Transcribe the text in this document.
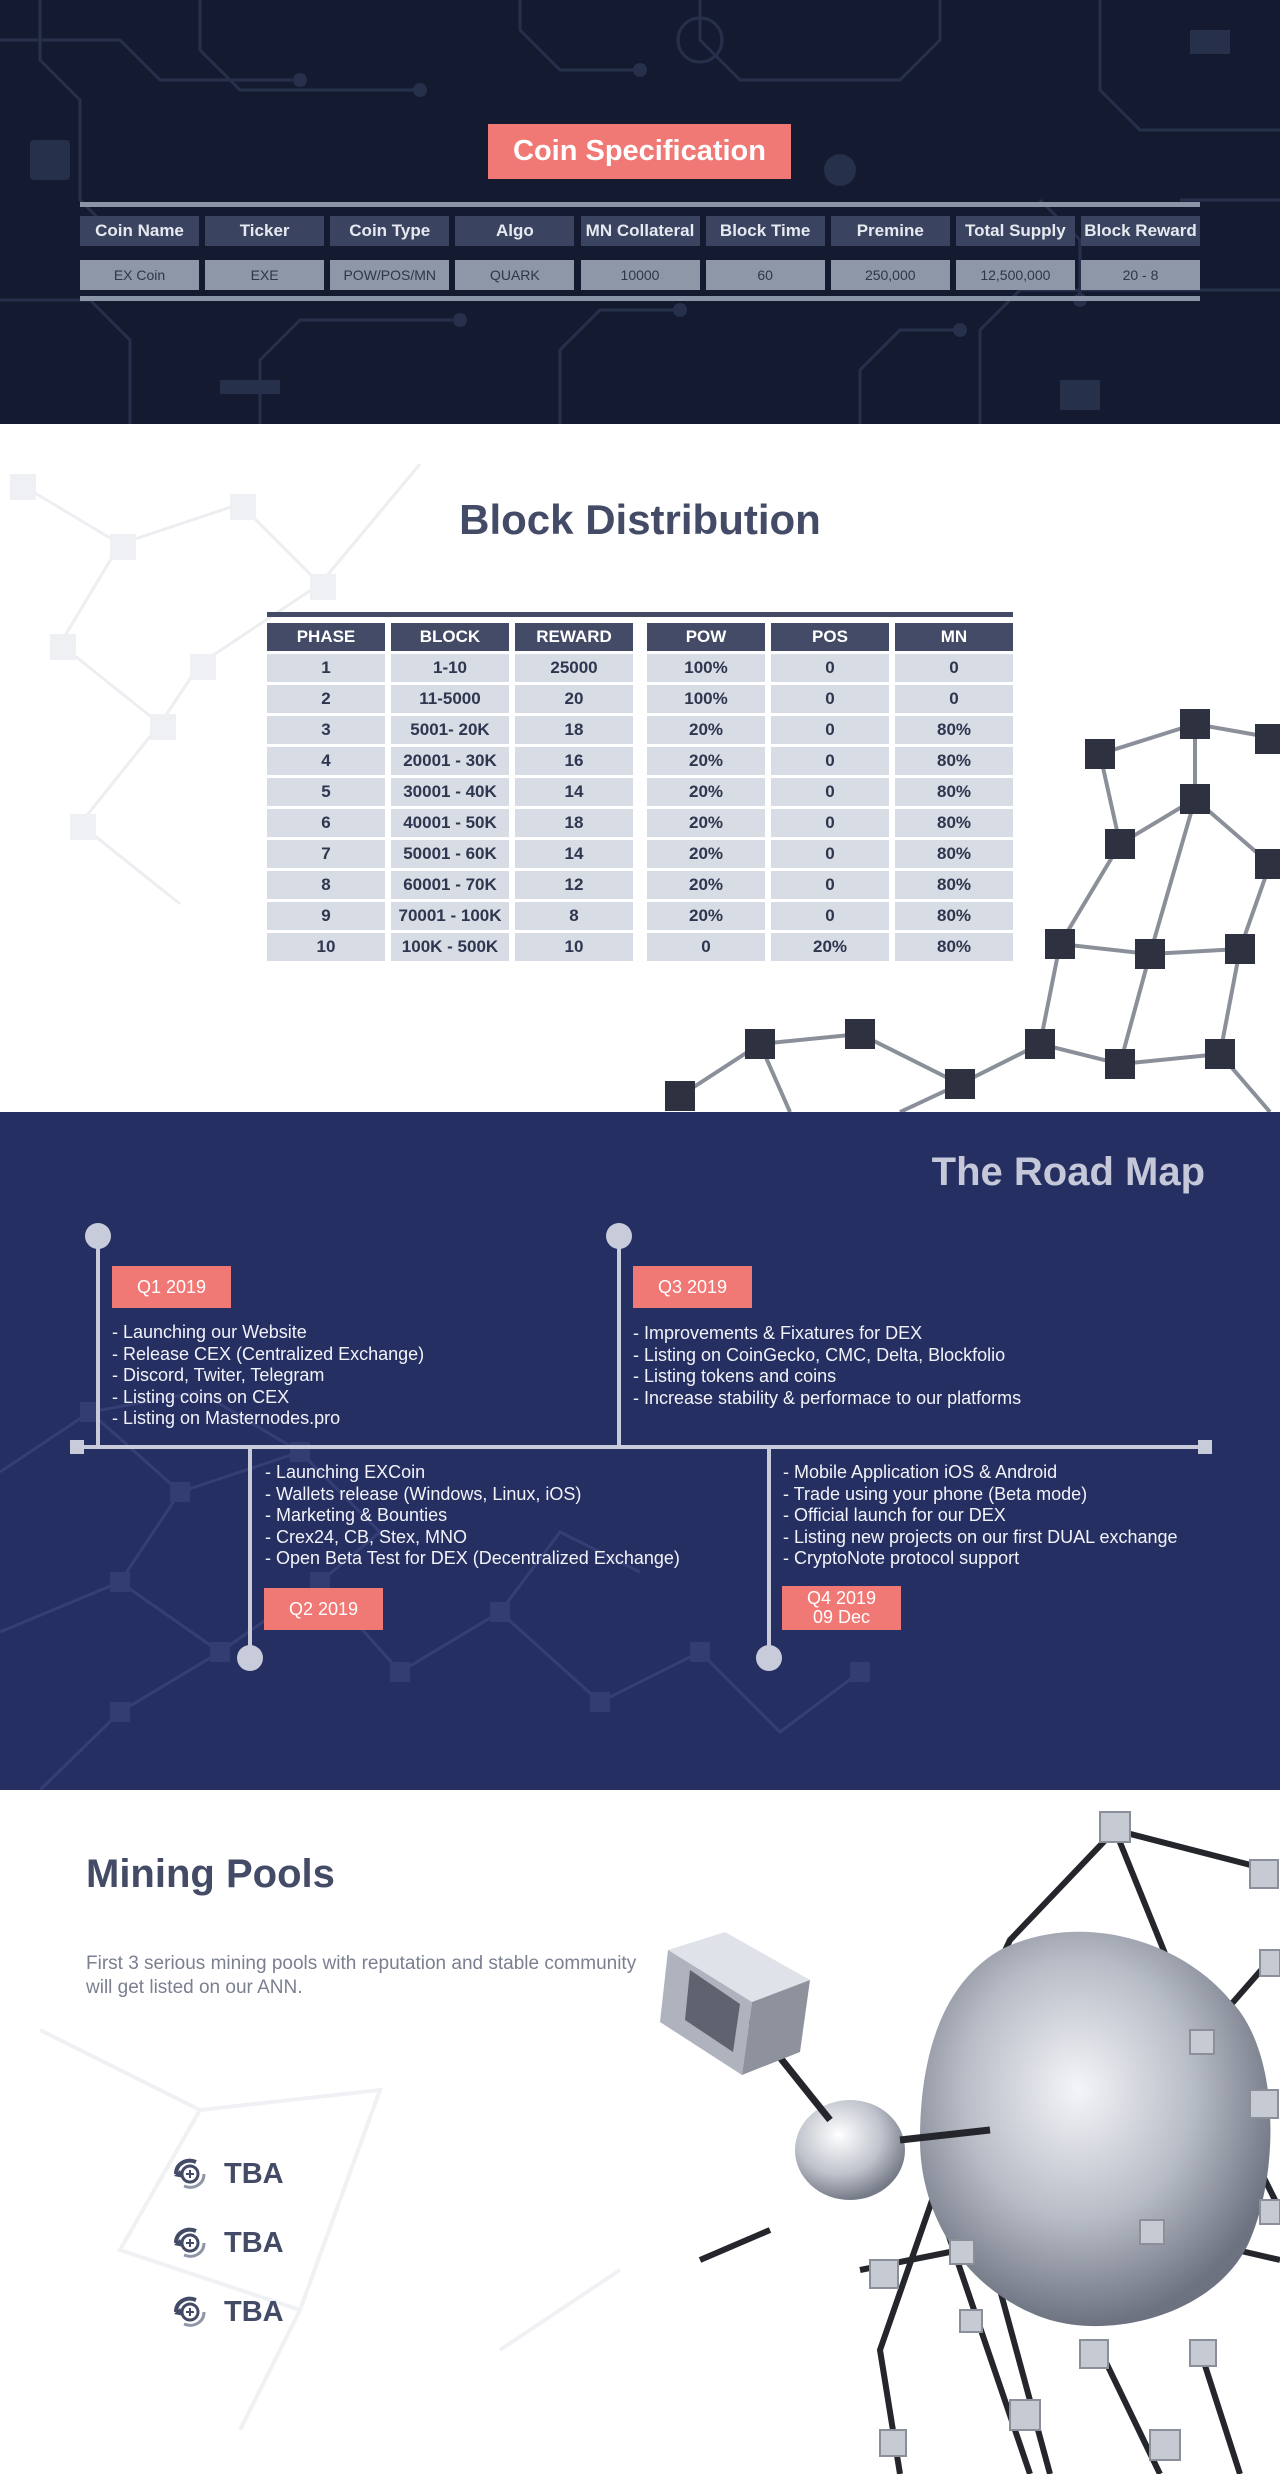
Coin Specification
Coin Name	Ticker	Coin Type	Algo	MN Collateral	Block Time	Premine	Total Supply	Block Reward
EX Coin	EXE	POW/POS/MN	QUARK	10000	60	250,000	12,500,000	20 - 8
Block Distribution
PHASE	BLOCK	REWARD	POW	POS	MN
1	1-10	25000	100%	0	0
2	11-5000	20	100%	0	0
3	5001- 20K	18	20%	0	80%
4	20001 - 30K	16	20%	0	80%
5	30001 - 40K	14	20%	0	80%
6	40001 - 50K	18	20%	0	80%
7	50001 - 60K	14	20%	0	80%
8	60001 - 70K	12	20%	0	80%
9	70001 - 100K	8	20%	0	80%
10	100K - 500K	10	0	20%	80%
The Road Map
Q1 2019
- Launching our Website
- Release CEX (Centralized Exchange)
- Discord, Twiter, Telegram
- Listing coins on CEX
- Listing on Masternodes.pro
Q3 2019
- Improvements & Fixatures for DEX
- Listing on CoinGecko, CMC, Delta, Blockfolio
- Listing tokens and coins
- Increase stability & performace to our platforms
- Launching EXCoin
- Wallets release (Windows, Linux, iOS)
- Marketing & Bounties
- Crex24, CB, Stex, MNO
- Open Beta Test for DEX (Decentralized Exchange)
Q2 2019
- Mobile Application iOS & Android
- Trade using your phone (Beta mode)
- Official launch for our DEX
- Listing new projects on our first DUAL exchange
- CryptoNote protocol support
Q4 2019
09 Dec
Mining Pools

First 3 serious mining pools with reputation and stable community will get listed on our ANN.

TBA
TBA
TBA
